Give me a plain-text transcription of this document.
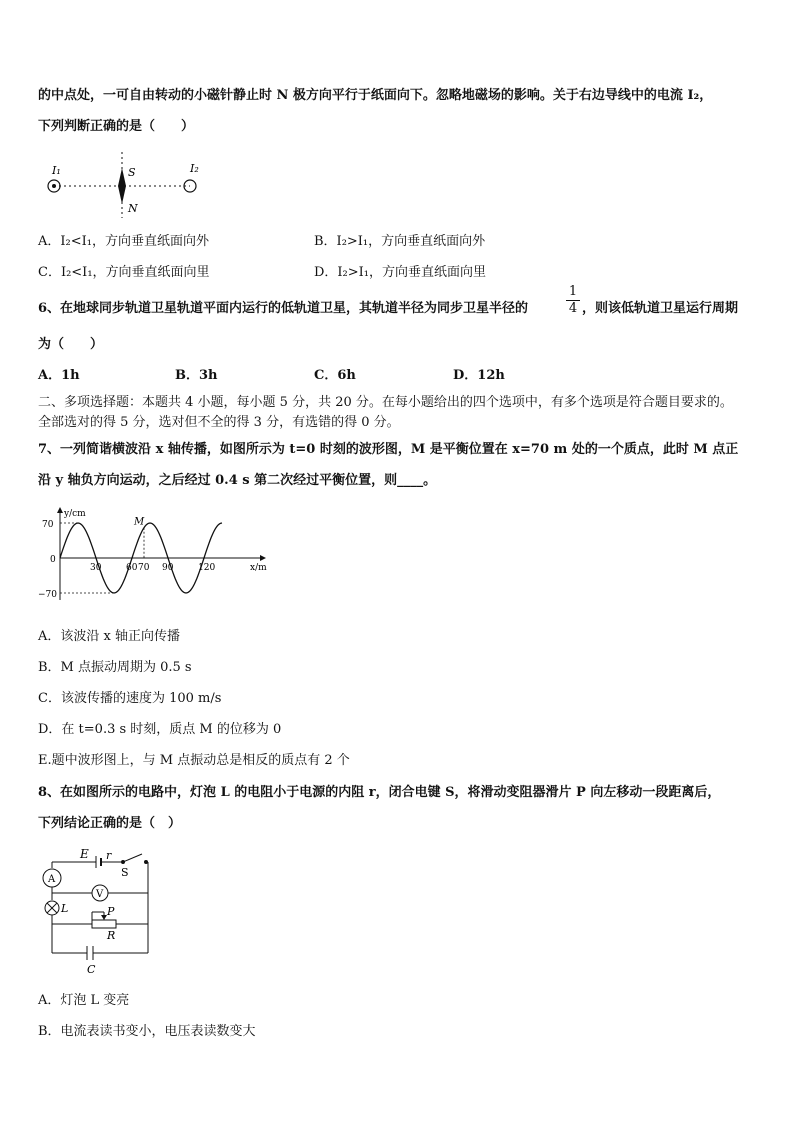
的中点处，一可自由转动的小磁针静止时 N 极方向平行于纸面向下。忽略地磁场的影响。关于右边导线中的电流 I₂，
下列判断正确的是（　　）
I₁	I₂
S
N
A．I₂<I₁，方向垂直纸面向外	B．I₂>I₁，方向垂直纸面向外
C．I₂<I₁，方向垂直纸面向里	D．I₂>I₁，方向垂直纸面向里
6、在地球同步轨道卫星轨道平面内运行的低轨道卫星，其轨道半径为同步卫星半径的
1
4 ，则该低轨道卫星运行周期
为（　　）
A．1h	B．3h	C．6h	D．12h
二、多项选择题：本题共 4 小题，每小题 5 分，共 20 分。在每小题给出的四个选项中，有多个选项是符合题目要求的。
全部选对的得 5 分，选对但不全的得 3 分，有选错的得 0 分。
7、一列简谐横波沿 x 轴传播，如图所示为 t=0 时刻的波形图，M 是平衡位置在 x=70 m 处的一个质点，此时 M 点正
沿 y 轴负方向运动，之后经过 0.4 s 第二次经过平衡位置，则____。
y/cm
x/m
M
70
0
−70
30	60 70 90	120
A．该波沿 x 轴正向传播
B．M 点振动周期为 0.5 s
C．该波传播的速度为 100 m/s
D．在 t=0.3 s 时刻，质点 M 的位移为 0
E.题中波形图上，与 M 点振动总是相反的质点有 2 个
8、在如图所示的电路中，灯泡 L 的电阻小于电源的内阻 r，闭合电键 S，将滑动变阻器滑片 P 向左移动一段距离后，
下列结论正确的是（　）
E r
S
A
V
L	P
R
C
A．灯泡 L 变亮
B．电流表读书变小，电压表读数变大
